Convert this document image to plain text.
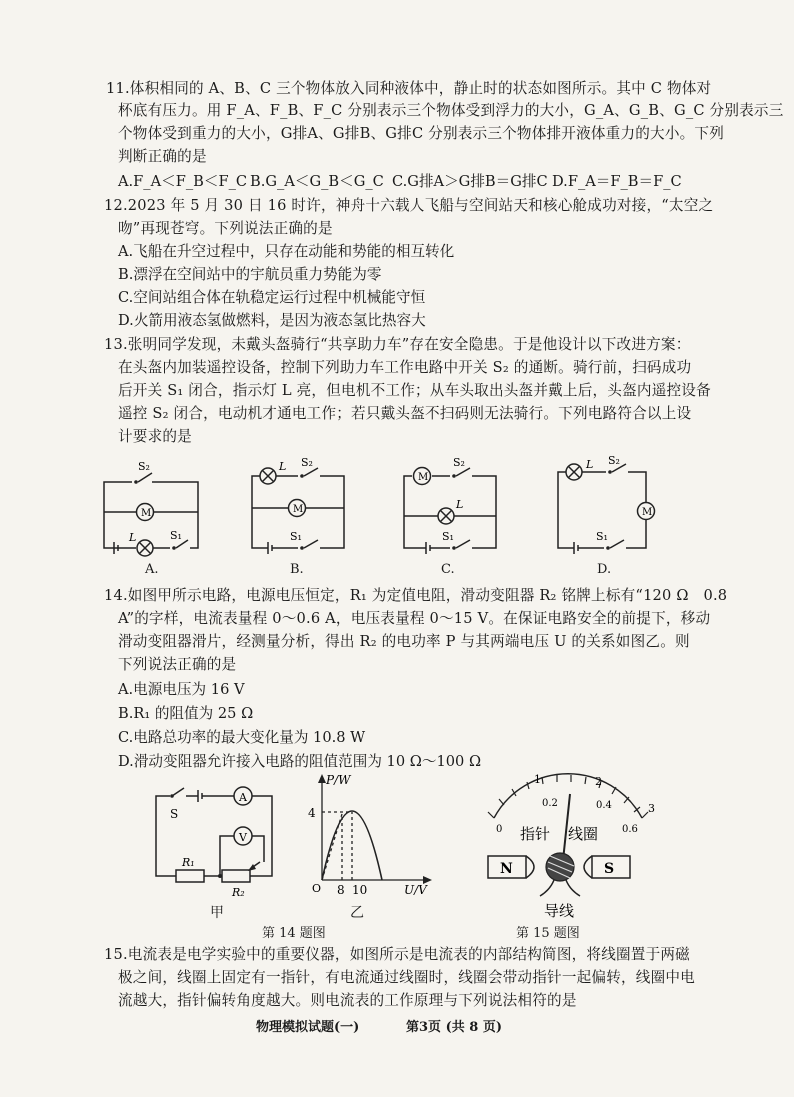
11.体积相同的 A、B、C 三个物体放入同种液体中，静止时的状态如图所示。其中 C 物体对
杯底有压力。用 F_A、F_B、F_C 分别表示三个物体受到浮力的大小，G_A、G_B、G_C 分别表示三
个物体受到重力的大小，G排A、G排B、G排C 分别表示三个物体排开液体重力的大小。下列
判断正确的是
A.F_A＜F_B＜F_C B.G_A＜G_B＜G_C C.G排A＞G排B＝G排C D.F_A＝F_B＝F_C
12.2023 年 5 月 30 日 16 时许，神舟十六载人飞船与空间站天和核心舱成功对接，“太空之
吻”再现苍穹。下列说法正确的是
A.飞船在升空过程中，只存在动能和势能的相互转化
B.漂浮在空间站中的宇航员重力势能为零
C.空间站组合体在轨稳定运行过程中机械能守恒
D.火箭用液态氢做燃料，是因为液态氢比热容大
13.张明同学发现，未戴头盔骑行“共享助力车”存在安全隐患。于是他设计以下改进方案：
在头盔内加装遥控设备，控制下列助力车工作电路中开关 S₂ 的通断。骑行前，扫码成功
后开关 S₁ 闭合，指示灯 L 亮，但电机不工作；从车头取出头盔并戴上后，头盔内遥控设备
遥控 S₂ 闭合，电动机才通电工作；若只戴头盔不扫码则无法骑行。下列电路符合以上设
计要求的是
S₂
M
L	S₁
A.
L S₂
M
S₁
B.
M
S₂
L
S₁
C.
L S₂
M
S₁
D.
14.如图甲所示电路，电源电压恒定，R₁ 为定值电阻，滑动变阻器 R₂ 铭牌上标有“120 Ω　0.8
A”的字样，电流表量程 0～0.6 A，电压表量程 0～15 V。在保证电路安全的前提下，移动
滑动变阻器滑片，经测量分析，得出 R₂ 的电功率 P 与其两端电压 U 的关系如图乙。则
下列说法正确的是
A.电源电压为 16 V
B.R₁ 的阻值为 25 Ω
C.电路总功率的最大变化量为 10.8 W
D.滑动变阻器允许接入电路的阻值范围为 10 Ω～100 Ω
S
A
V
R₁
R₂
甲
P/W
U/V
O
4
8 10
乙
第 14 题图
1	2
3
0
0.2	0.4
0.6
指针 线圈
N	S
导线
第 15 题图
15.电流表是电学实验中的重要仪器，如图所示是电流表的内部结构简图，将线圈置于两磁
极之间，线圈上固定有一指针，有电流通过线圈时，线圈会带动指针一起偏转，线圈中电
流越大，指针偏转角度越大。则电流表的工作原理与下列说法相符的是
物理模拟试题(一)	第3页 (共 8 页)
